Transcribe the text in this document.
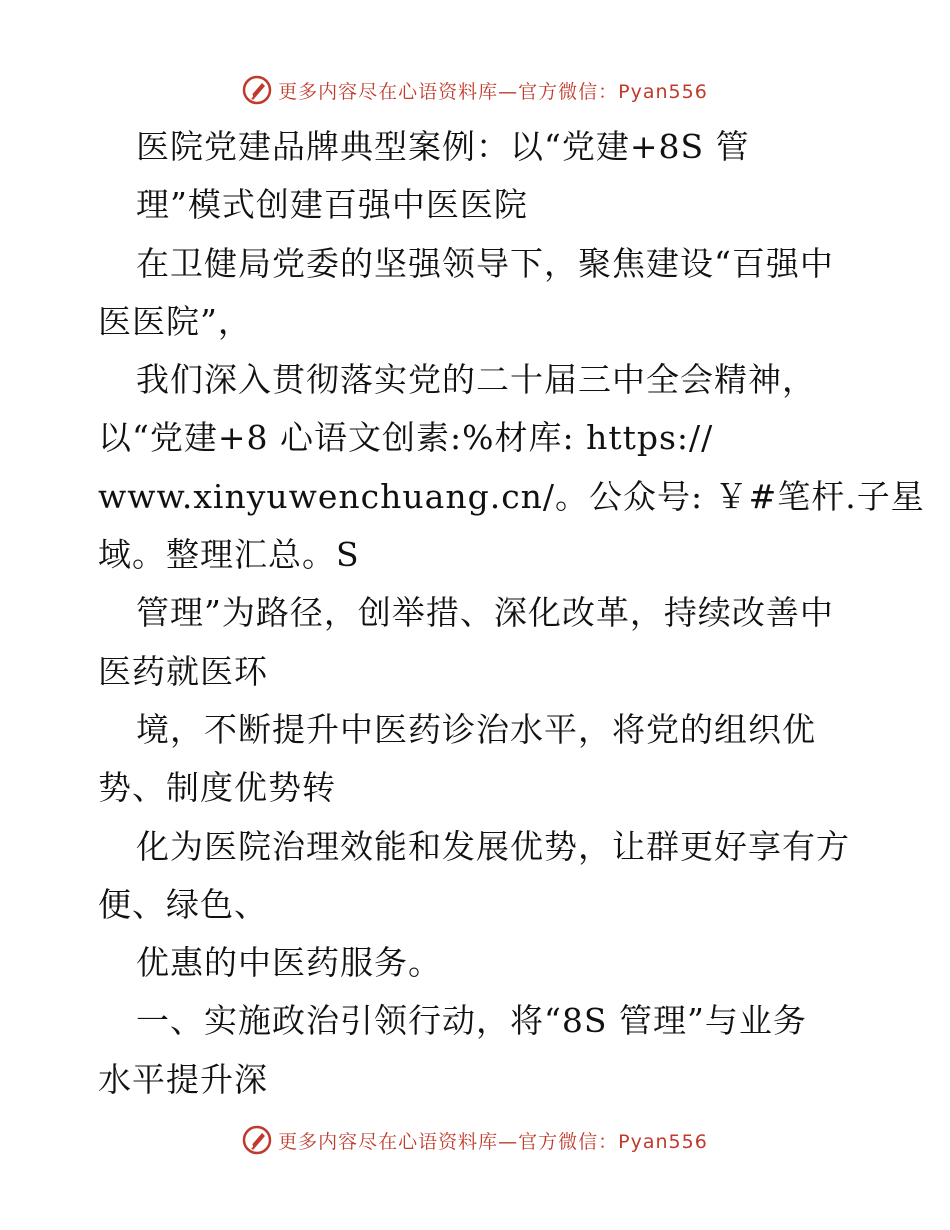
更多内容尽在心语资料库—官方微信：Pyan556
医院党建品牌典型案例：以“党建+8S 管
理”模式创建百强中医医院
在卫健局党委的坚强领导下，聚焦建设“百强中
医医院”，
我们深入贯彻落实党的二十届三中全会精神，
以“党建+8 心语文创素:%材库: https://
www.xinyuwenchuang.cn/。公众号: ￥#笔杆.子星
域。整理汇总。S
管理”为路径，创举措、深化改革，持续改善中
医药就医环
境，不断提升中医药诊治水平，将党的组织优
势、制度优势转
化为医院治理效能和发展优势，让群更好享有方
便、绿色、
优惠的中医药服务。
一、实施政治引领行动，将“8S 管理”与业务
水平提升深
更多内容尽在心语资料库—官方微信：Pyan556
